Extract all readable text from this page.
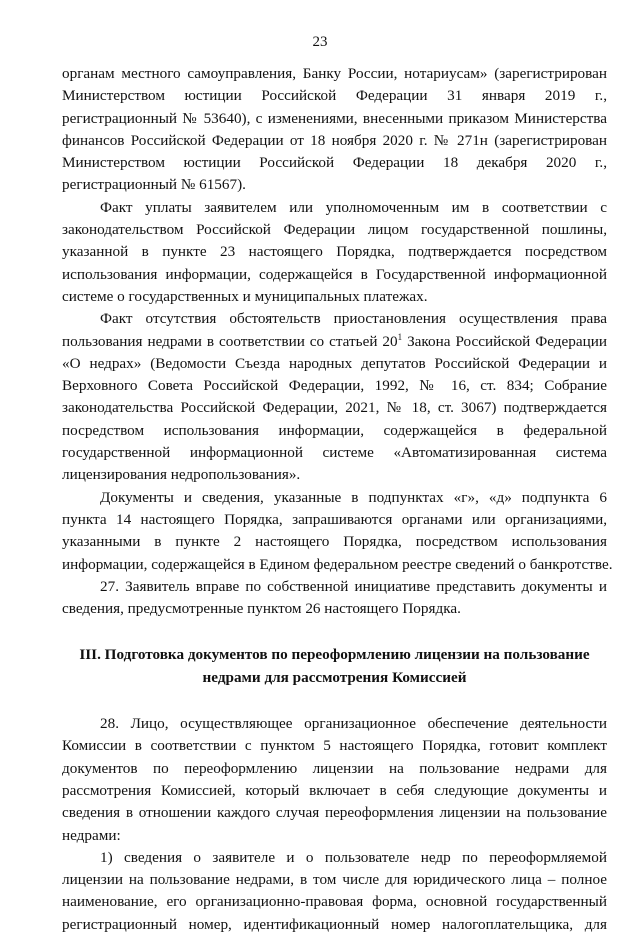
23
органам местного самоуправления, Банку России, нотариусам» (зарегистрирован
Министерством юстиции Российской Федерации 31 января 2019 г.,
регистрационный № 53640), с изменениями, внесенными приказом Министерства
финансов Российской Федерации от 18 ноября 2020 г. № 271н (зарегистрирован
Министерством юстиции Российской Федерации 18 декабря 2020 г.,
регистрационный № 61567).
Факт уплаты заявителем или уполномоченным им в соответствии с
законодательством Российской Федерации лицом государственной пошлины,
указанной в пункте 23 настоящего Порядка, подтверждается посредством
использования информации, содержащейся в Государственной информационной
системе о государственных и муниципальных платежах.
Факт отсутствия обстоятельств приостановления осуществления права
пользования недрами в соответствии со статьей $20^1$ Закона Российской Федерации
«О недрах» (Ведомости Съезда народных депутатов Российской Федерации и
Верховного Совета Российской Федерации, 1992, № 16, ст. 834; Собрание
законодательства Российской Федерации, 2021, № 18, ст. 3067) подтверждается
посредством использования информации, содержащейся в федеральной
государственной информационной системе «Автоматизированная система
лицензирования недропользования».
Документы и сведения, указанные в подпунктах «г», «д» подпункта 6
пункта 14 настоящего Порядка, запрашиваются органами или организациями,
указанными в пункте 2 настоящего Порядка, посредством использования
информации, содержащейся в Едином федеральном реестре сведений о банкротстве.
27. Заявитель вправе по собственной инициативе представить документы и
сведения, предусмотренные пунктом 26 настоящего Порядка.
III. Подготовка документов по переоформлению лицензии на пользование
недрами для рассмотрения Комиссией
28. Лицо, осуществляющее организационное обеспечение деятельности
Комиссии в соответствии с пунктом 5 настоящего Порядка, готовит комплект
документов по переоформлению лицензии на пользование недрами для
рассмотрения Комиссией, который включает в себя следующие документы и
сведения в отношении каждого случая переоформления лицензии на пользование
недрами:
1) сведения о заявителе и о пользователе недр по переоформляемой
лицензии на пользование недрами, в том числе для юридического лица – полное
наименование, его организационно-правовая форма, основной государственный
регистрационный номер, идентификационный номер налогоплательщика, для
